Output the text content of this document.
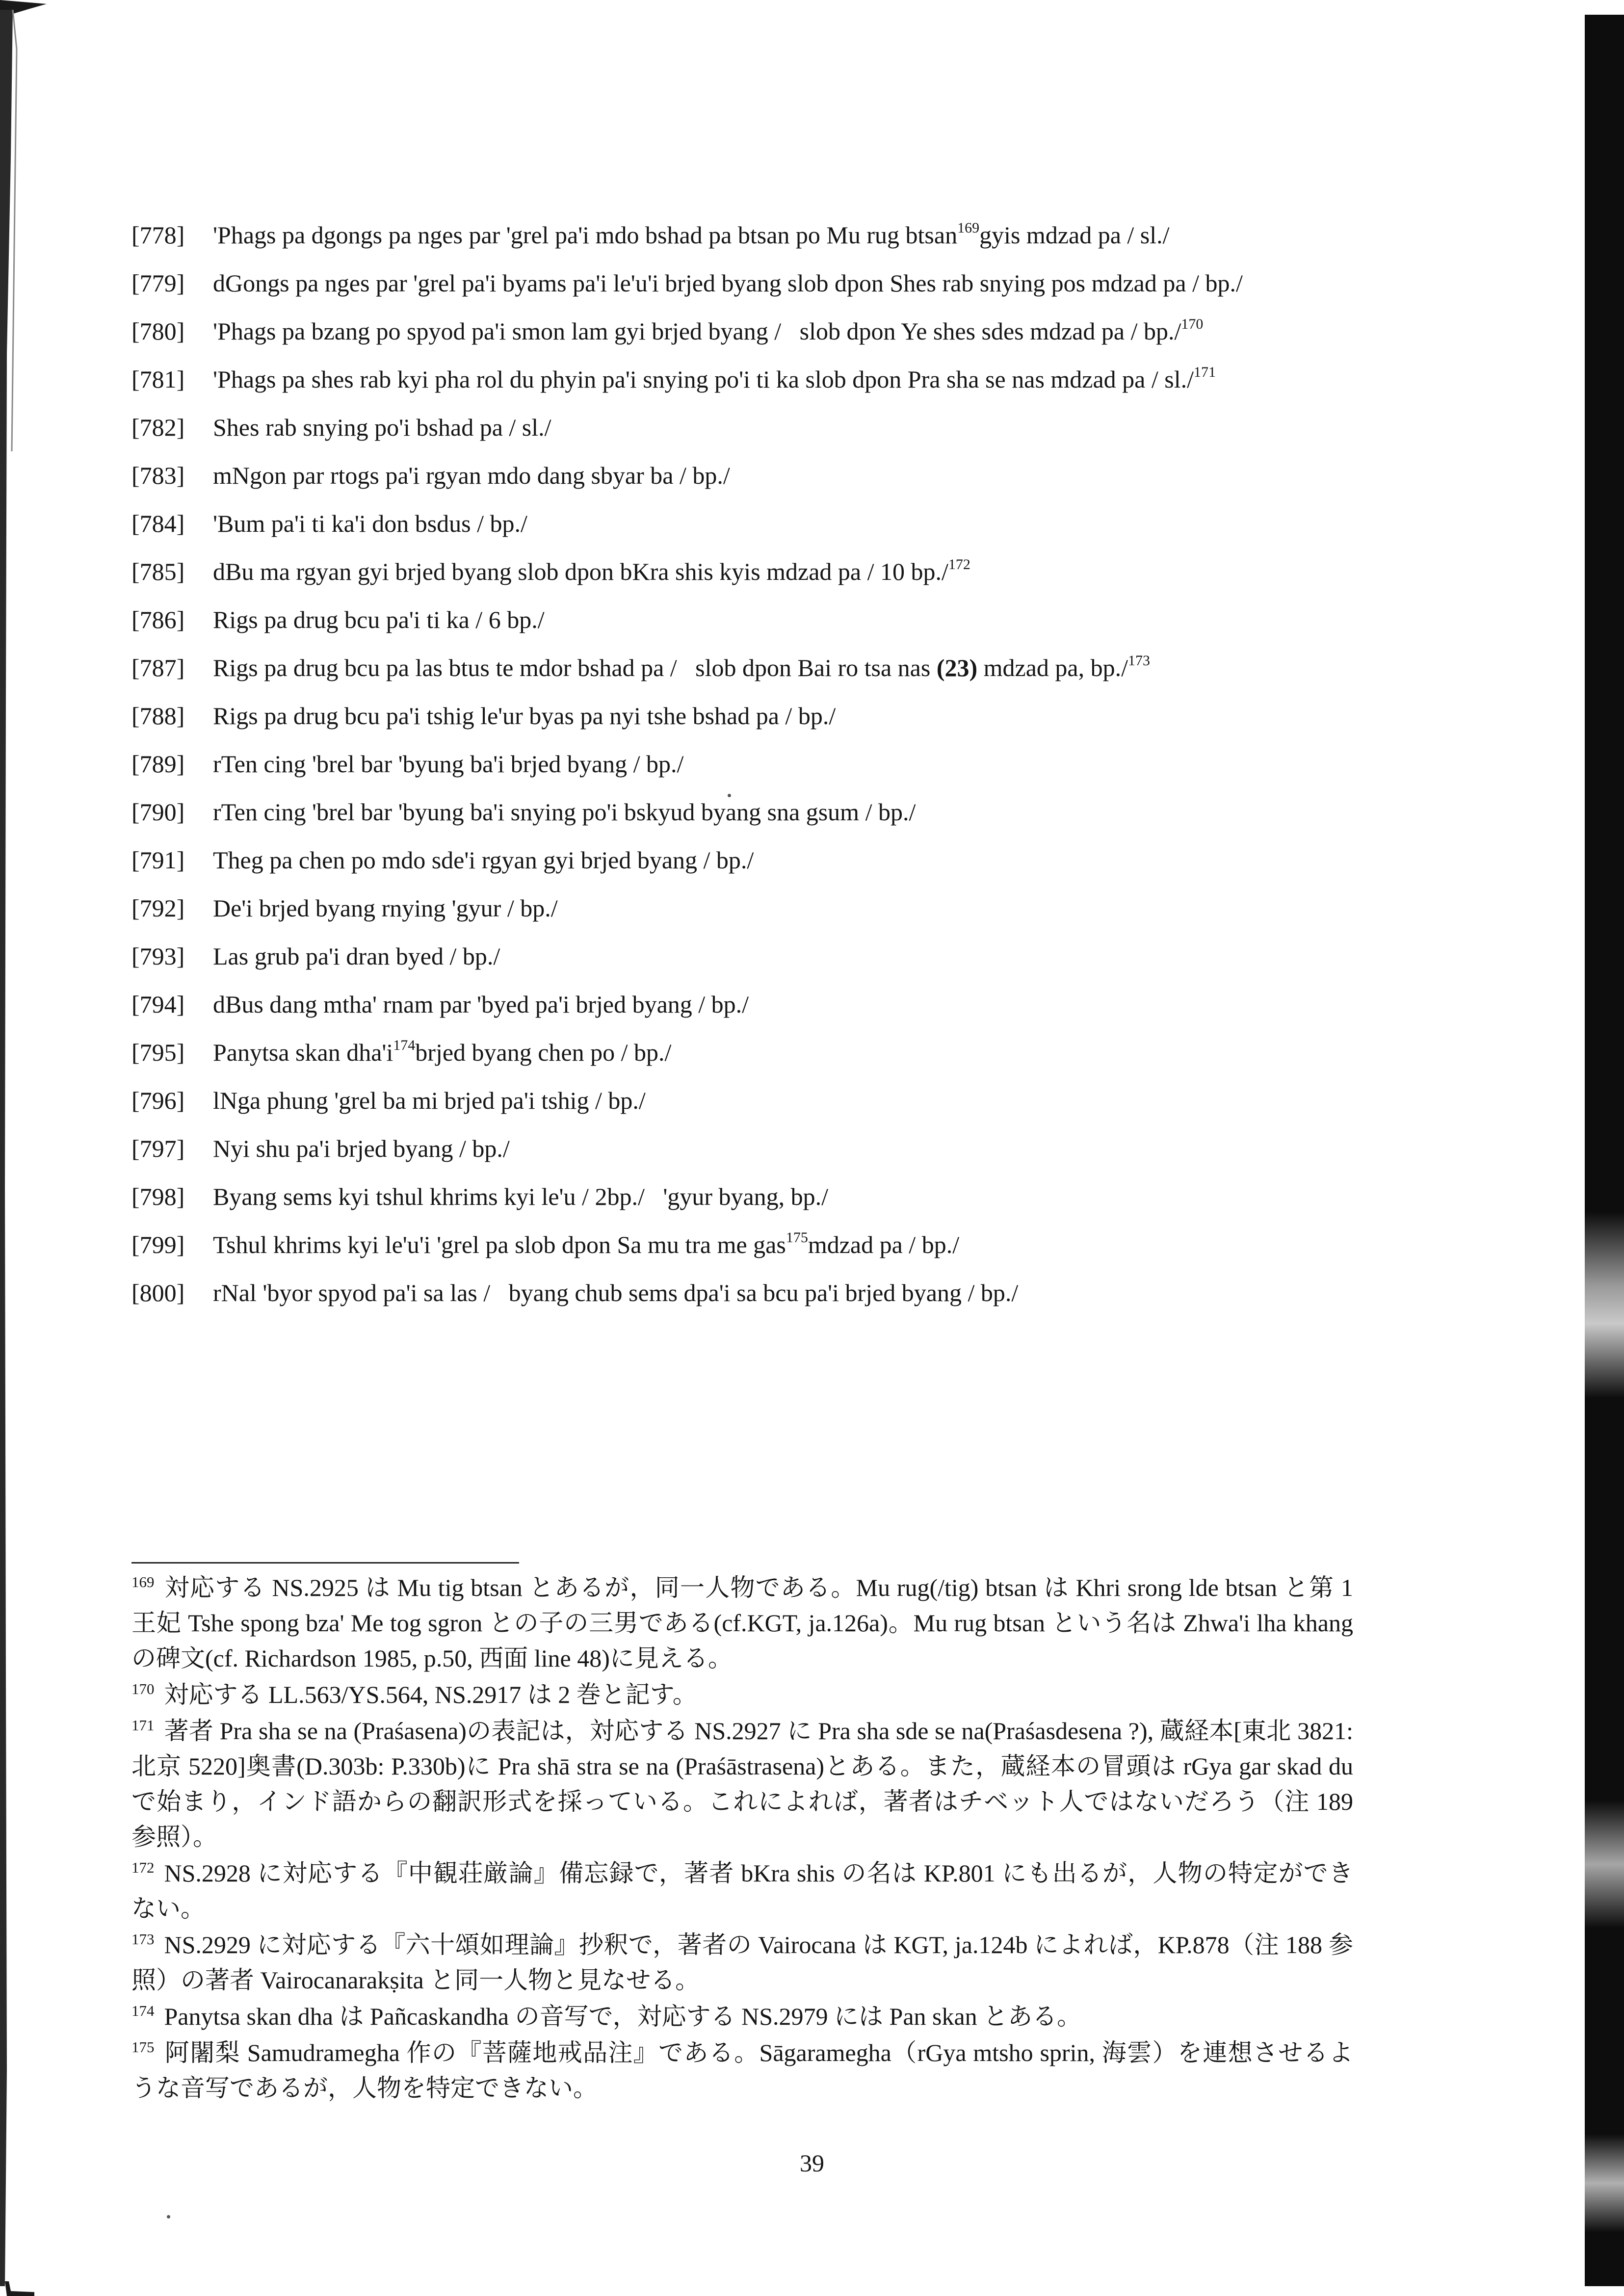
[778] 'Phags pa dgongs pa nges par 'grel pa'i mdo bshad pa btsan po Mu rug btsan$^{169}$gyis mdzad pa / sl./

[779] dGongs pa nges par 'grel pa'i byams pa'i le'u'i brjed byang slob dpon Shes rab snying pos mdzad pa / bp./

[780] 'Phags pa bzang po spyod pa'i smon lam gyi brjed byang /   slob dpon Ye shes sdes mdzad pa / bp./$^{170}$

[781] 'Phags pa shes rab kyi pha rol du phyin pa'i snying po'i ti ka slob dpon Pra sha se nas mdzad pa / sl./$^{171}$

[782] Shes rab snying po'i bshad pa / sl./

[783] mNgon par rtogs pa'i rgyan mdo dang sbyar ba / bp./

[784] 'Bum pa'i ti ka'i don bsdus / bp./

[785] dBu ma rgyan gyi brjed byang slob dpon bKra shis kyis mdzad pa / 10 bp./$^{172}$

[786] Rigs pa drug bcu pa'i ti ka / 6 bp./

[787] Rigs pa drug bcu pa las btus te mdor bshad pa /   slob dpon Bai ro tsa nas (23) mdzad pa, bp./$^{173}$

[788] Rigs pa drug bcu pa'i tshig le'ur byas pa nyi tshe bshad pa / bp./

[789] rTen cing 'brel bar 'byung ba'i brjed byang / bp./

[790] rTen cing 'brel bar 'byung ba'i snying po'i bskyud byang sna gsum / bp./

[791] Theg pa chen po mdo sde'i rgyan gyi brjed byang / bp./

[792] De'i brjed byang rnying 'gyur / bp./

[793] Las grub pa'i dran byed / bp./

[794] dBus dang mtha' rnam par 'byed pa'i brjed byang / bp./

[795] Panytsa skan dha'i$^{174}$brjed byang chen po / bp./

[796] lNga phung 'grel ba mi brjed pa'i tshig / bp./

[797] Nyi shu pa'i brjed byang / bp./

[798] Byang sems kyi tshul khrims kyi le'u / 2bp./   'gyur byang, bp./

[799] Tshul khrims kyi le'u'i 'grel pa slob dpon Sa mu tra me gas$^{175}$mdzad pa / bp./

[800] rNal 'byor spyod pa'i sa las /   byang chub sems dpa'i sa bcu pa'i brjed byang / bp./

$^{169}$ 対応する NS.2925 は Mu tig btsan とあるが，同一人物である。Mu rug(/tig) btsan は Khri srong lde btsan と第 1 王妃 Tshe spong bza' Me tog sgron との子の三男である(cf.KGT, ja.126a)。Mu rug btsan という名は Zhwa'i lha khang の碑文(cf. Richardson 1985, p.50, 西面 line 48)に見える。

$^{170}$ 対応する LL.563/YS.564, NS.2917 は 2 巻と記す。

$^{171}$ 著者 Pra sha se na (Praśasena)の表記は，対応する NS.2927 に Pra sha sde se na(Praśasdesena ?), 蔵経本[東北 3821:北京 5220]奥書(D.303b: P.330b)に Pra shā stra se na (Praśāstrasena)とある。また，蔵経本の冒頭は rGya gar skad du で始まり，インド語からの翻訳形式を採っている。これによれば，著者はチベット人ではないだろう（注 189 参照）。

$^{172}$ NS.2928 に対応する『中観荘厳論』備忘録で，著者 bKra shis の名は KP.801 にも出るが，人物の特定ができない。

$^{173}$ NS.2929 に対応する『六十頌如理論』抄釈で，著者の Vairocana は KGT, ja.124b によれば，KP.878（注 188 参照）の著者 Vairocanarakṣita と同一人物と見なせる。

$^{174}$ Panytsa skan dha は Pañcaskandha の音写で，対応する NS.2979 には Pan skan とある。

$^{175}$ 阿闍梨 Samudramegha 作の『菩薩地戒品注』である。Sāgaramegha（rGya mtsho sprin, 海雲）を連想させるような音写であるが，人物を特定できない。

39
